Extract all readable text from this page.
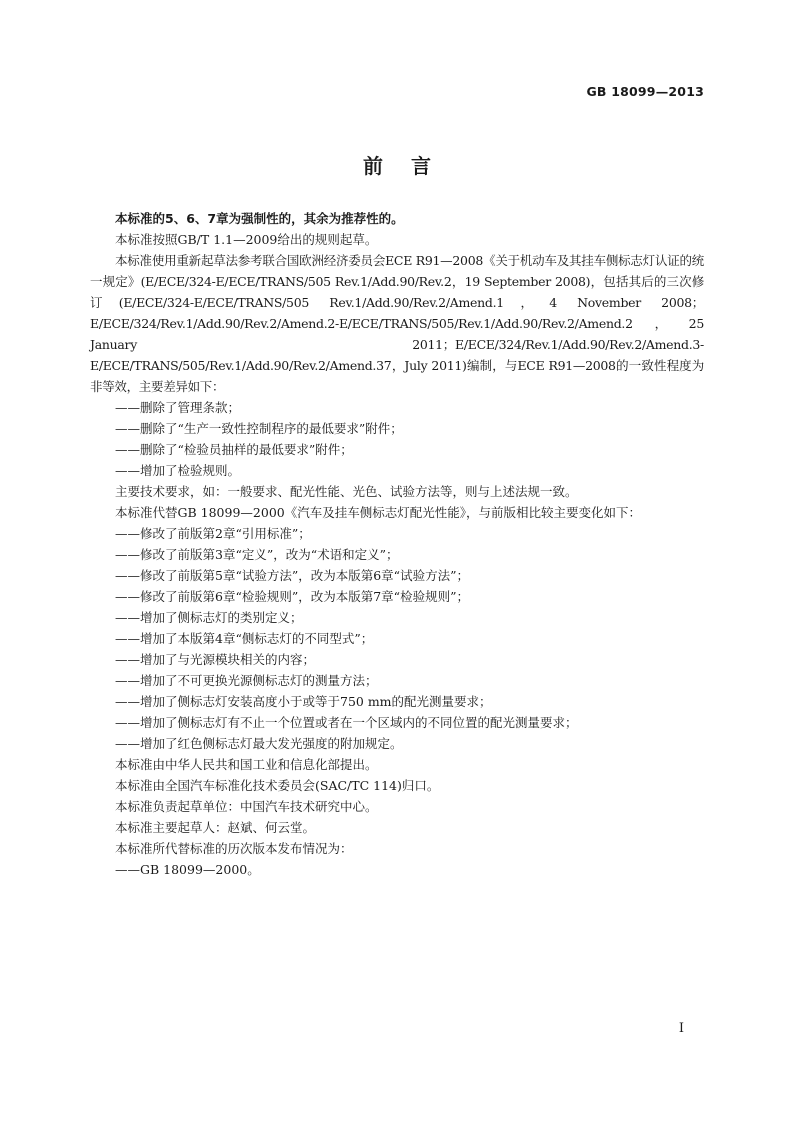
GB 18099—2013
前言

本标准的5、6、7章为强制性的，其余为推荐性的。

本标准按照GB/T 1.1—2009给出的规则起草。

本标准使用重新起草法参考联合国欧洲经济委员会ECE R91—2008《关于机动车及其挂车侧标志灯认证的统一规定》(E/ECE/324-E/ECE/TRANS/505 Rev.1/Add.90/Rev.2，19 September 2008)，包括其后的三次修订(E/ECE/324-E/ECE/TRANS/505 Rev.1/Add.90/Rev.2/Amend.1，4 November 2008；E/ECE/324/Rev.1/Add.90/Rev.2/Amend.2-E/ECE/TRANS/505/Rev.1/Add.90/Rev.2/Amend.2，25 January 2011；E/ECE/324/Rev.1/Add.90/Rev.2/Amend.3-E/ECE/TRANS/505/Rev.1/Add.90/Rev.2/Amend.37，July 2011)编制，与ECE R91—2008的一致性程度为非等效，主要差异如下：

——删除了管理条款；

——删除了“生产一致性控制程序的最低要求”附件；

——删除了“检验员抽样的最低要求”附件；

——增加了检验规则。

主要技术要求，如：一般要求、配光性能、光色、试验方法等，则与上述法规一致。

本标准代替GB 18099—2000《汽车及挂车侧标志灯配光性能》，与前版相比较主要变化如下：

——修改了前版第2章“引用标准”；

——修改了前版第3章“定义”，改为“术语和定义”；

——修改了前版第5章“试验方法”，改为本版第6章“试验方法”；

——修改了前版第6章“检验规则”，改为本版第7章“检验规则”；

——增加了侧标志灯的类别定义；

——增加了本版第4章“侧标志灯的不同型式”；

——增加了与光源模块相关的内容；

——增加了不可更换光源侧标志灯的测量方法；

——增加了侧标志灯安装高度小于或等于750 mm的配光测量要求；

——增加了侧标志灯有不止一个位置或者在一个区域内的不同位置的配光测量要求；

——增加了红色侧标志灯最大发光强度的附加规定。

本标准由中华人民共和国工业和信息化部提出。

本标准由全国汽车标准化技术委员会(SAC/TC 114)归口。

本标准负责起草单位：中国汽车技术研究中心。

本标准主要起草人：赵斌、何云堂。

本标准所代替标准的历次版本发布情况为：

——GB 18099—2000。

I
